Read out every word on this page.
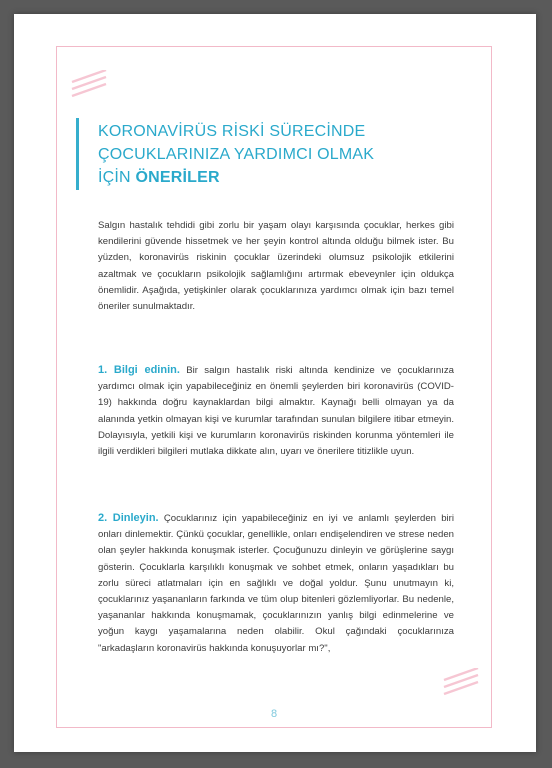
KORONAVİRÜS RİSKİ SÜRECİNDE
ÇOCUKLARINIZA YARDIMCI OLMAK
İÇİN ÖNERİLER

Salgın hastalık tehdidi gibi zorlu bir yaşam olayı karşısında çocuklar, herkes gibi kendilerini güvende hissetmek ve her şeyin kontrol altında olduğu bilmek ister. Bu yüzden, koronavirüs riskinin çocuklar üzerindeki olumsuz psikolojik etkilerini azaltmak ve çocukların psikolojik sağlamlığını artırmak ebeveynler için oldukça önemlidir. Aşağıda, yetişkinler olarak çocuklarınıza yardımcı olmak için bazı temel öneriler sunulmaktadır.

1. Bilgi edinin. Bir salgın hastalık riski altında kendinize ve çocuklarınıza yardımcı olmak için yapabileceğiniz en önemli şeylerden biri koronavirüs (COVID-19) hakkında doğru kaynaklardan bilgi almaktır. Kaynağı belli olmayan ya da alanında yetkin olmayan kişi ve kurumlar tarafından sunulan bilgilere itibar etmeyin. Dolayısıyla, yetkili kişi ve kurumların koronavirüs riskinden korunma yöntemleri ile ilgili verdikleri bilgileri mutlaka dikkate alın, uyarı ve önerilere titizlikle uyun.

2. Dinleyin. Çocuklarınız için yapabileceğiniz en iyi ve anlamlı şeylerden biri onları dinlemektir. Çünkü çocuklar, genellikle, onları endişelendiren ve strese neden olan şeyler hakkında konuşmak isterler. Çocuğunuzu dinleyin ve görüşlerine saygı gösterin. Çocuklarla karşılıklı konuşmak ve sohbet etmek, onların yaşadıkları bu zorlu süreci atlatmaları için en sağlıklı ve doğal yoldur. Şunu unutmayın ki, çocuklarınız yaşananların farkında ve tüm olup bitenleri gözlemliyorlar. Bu nedenle, yaşananlar hakkında konuşmamak, çocuklarınızın yanlış bilgi edinmelerine ve yoğun kaygı yaşamalarına neden olabilir. Okul çağındaki çocuklarınıza "arkadaşların koronavirüs hakkında konuşuyorlar mı?",

8
